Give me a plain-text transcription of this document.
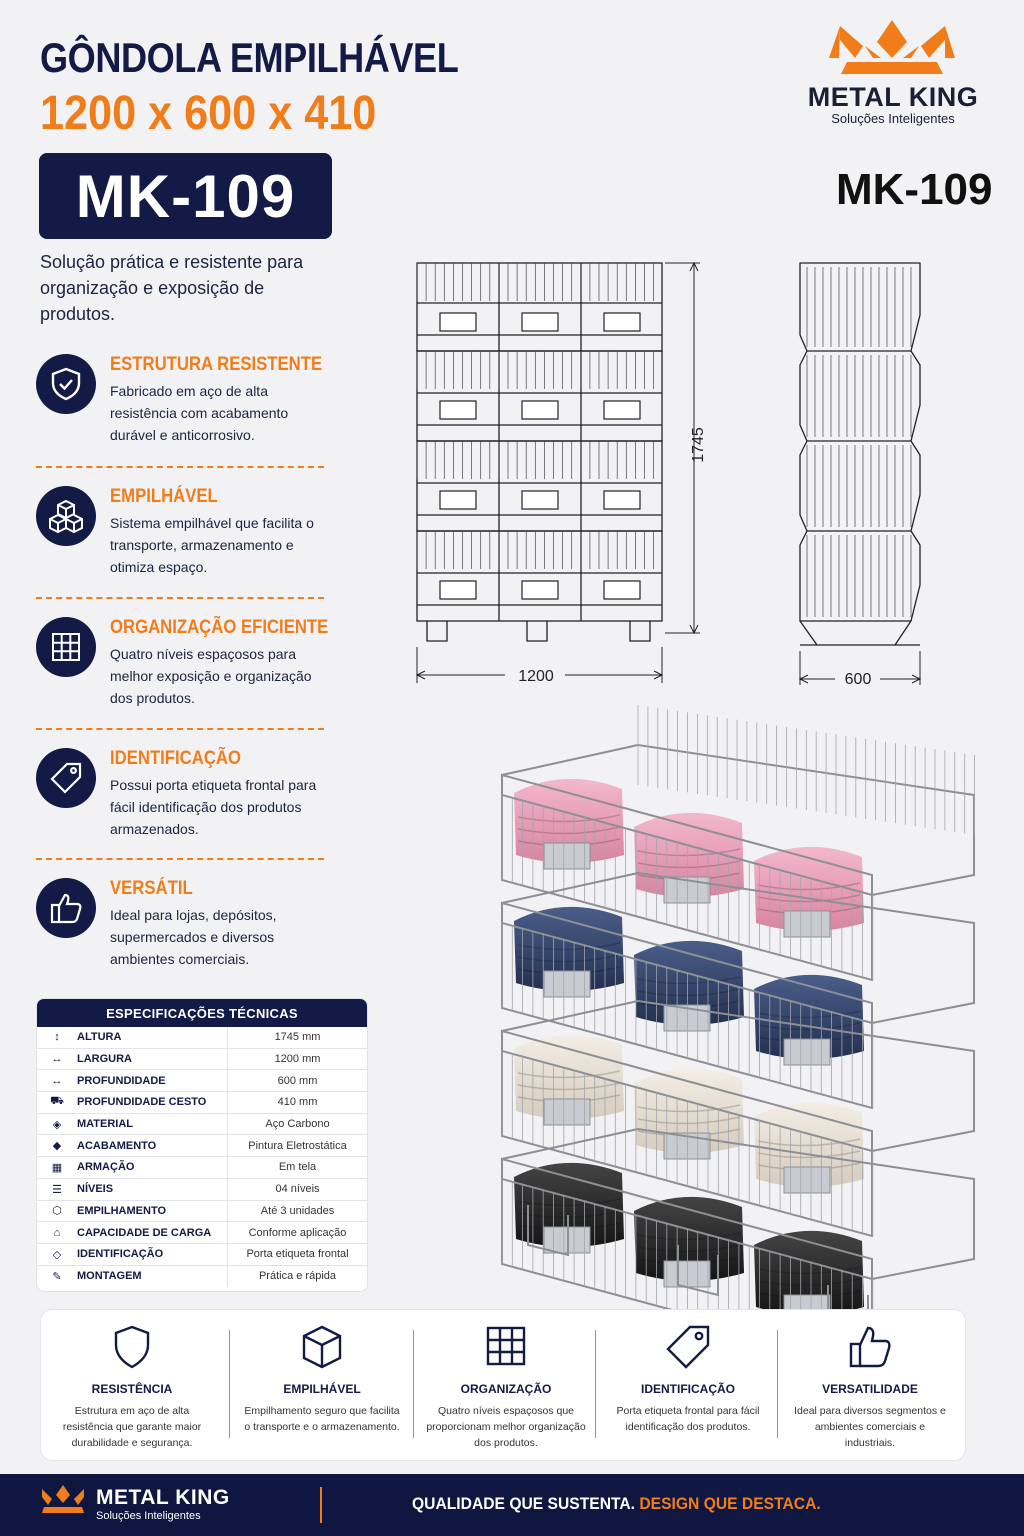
GÔNDOLA EMPILHÁVEL
1200 x 600 x 410
MK-109
METAL KING
Soluções Inteligentes
MK-109
Solução prática e resistente para organização e exposição de produtos.
ESTRUTURA RESISTENTE
Fabricado em aço de alta resistência com acabamento durável e anticorrosivo.
EMPILHÁVEL
Sistema empilhável que facilita o transporte, armazenamento e otimiza espaço.
ORGANIZAÇÃO EFICIENTE
Quatro níveis espaçosos para melhor exposição e organização dos produtos.
IDENTIFICAÇÃO
Possui porta etiqueta frontal para fácil identificação dos produtos armazenados.
VERSÁTIL
Ideal para lojas, depósitos, supermercados e diversos ambientes comerciais.
1745
1200	600
ESPECIFICAÇÕES TÉCNICAS
↕	ALTURA	1745 mm
↔	LARGURA	1200 mm
↔	PROFUNDIDADE	600 mm
⛟	PROFUNDIDADE CESTO	410 mm
◈	MATERIAL	Aço Carbono
◆	ACABAMENTO	Pintura Eletrostática
▦	ARMAÇÃO	Em tela
☰	NÍVEIS	04 níveis
⬡	EMPILHAMENTO	Até 3 unidades
⌂	CAPACIDADE DE CARGA	Conforme aplicação
◇	IDENTIFICAÇÃO	Porta etiqueta frontal
✎	MONTAGEM	Prática e rápida
RESISTÊNCIA
Estrutura em aço de alta resistência que garante maior durabilidade e segurança.
EMPILHÁVEL
Empilhamento seguro que facilita o transporte e o armazenamento.
ORGANIZAÇÃO
Quatro níveis espaçosos que proporcionam melhor organização dos produtos.
IDENTIFICAÇÃO
Porta etiqueta frontal para fácil identificação dos produtos.
VERSATILIDADE
Ideal para diversos segmentos e ambientes comerciais e industriais.
METAL KING
Soluções Inteligentes
QUALIDADE QUE SUSTENTA. DESIGN QUE DESTACA.
